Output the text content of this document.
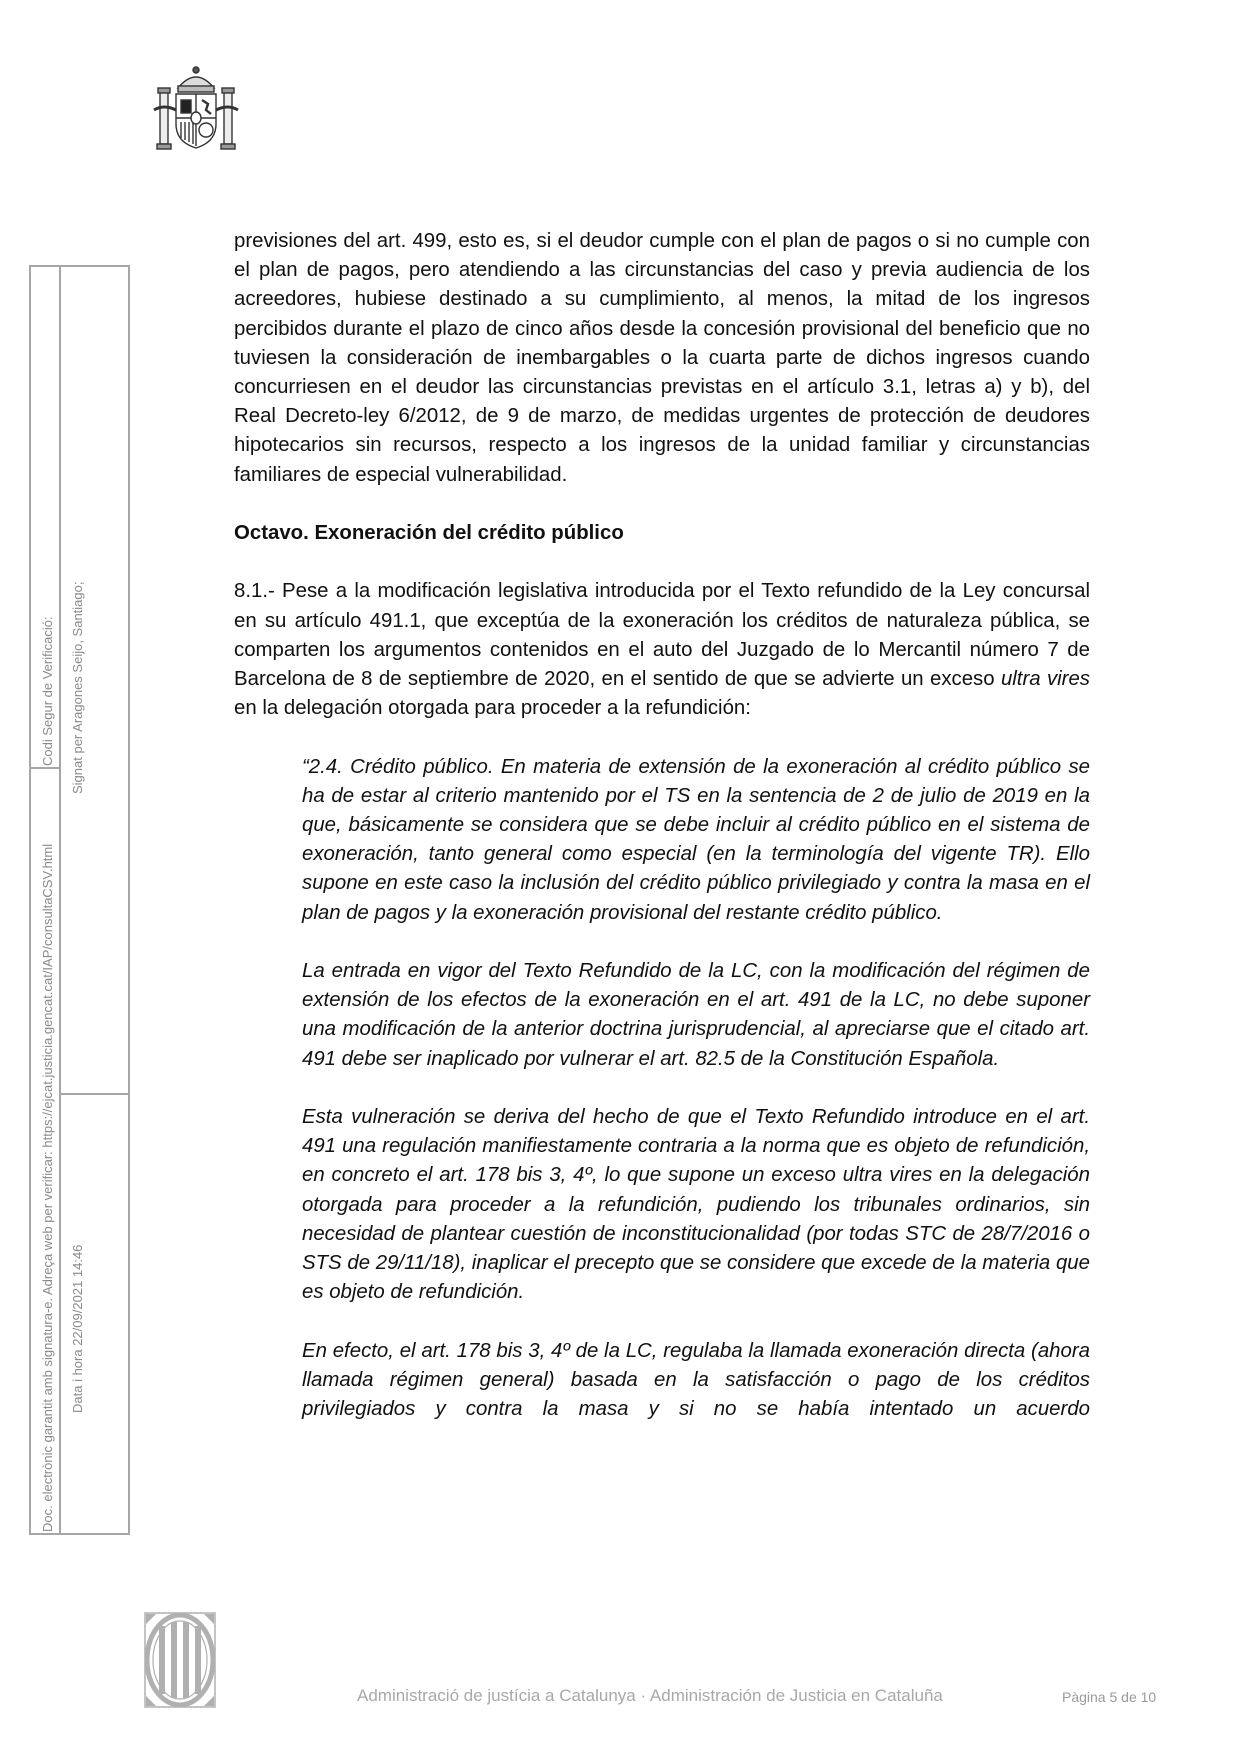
Codi Segur de Verificació:
Doc. electrònic garantit amb signatura-e. Adreça web per verificar: https://ejcat.justicia.gencat.cat/IAP/consultaCSV.html
Signat per Aragones Seijo, Santiago;
Data i hora 22/09/2021 14:46

previsiones del art. 499, esto es, si el deudor cumple con el plan de pagos o si no cumple con el plan de pagos, pero atendiendo a las circunstancias del caso y previa audiencia de los acreedores, hubiese destinado a su cumplimiento, al menos, la mitad de los ingresos percibidos durante el plazo de cinco años desde la concesión provisional del beneficio que no tuviesen la consideración de inembargables o la cuarta parte de dichos ingresos cuando concurriesen en el deudor las circunstancias previstas en el artículo 3.1, letras a) y b), del Real Decreto-ley 6/2012, de 9 de marzo, de medidas urgentes de protección de deudores hipotecarios sin recursos, respecto a los ingresos de la unidad familiar y circunstancias familiares de especial vulnerabilidad.

Octavo. Exoneración del crédito público

8.1.- Pese a la modificación legislativa introducida por el Texto refundido de la Ley concursal en su artículo 491.1, que exceptúa de la exoneración los créditos de naturaleza pública, se comparten los argumentos contenidos en el auto del Juzgado de lo Mercantil número 7 de Barcelona de 8 de septiembre de 2020, en el sentido de que se advierte un exceso ultra vires en la delegación otorgada para proceder a la refundición:

“2.4. Crédito público. En materia de extensión de la exoneración al crédito público se ha de estar al criterio mantenido por el TS en la sentencia de 2 de julio de 2019 en la que, básicamente se considera que se debe incluir al crédito público en el sistema de exoneración, tanto general como especial (en la terminología del vigente TR). Ello supone en este caso la inclusión del crédito público privilegiado y contra la masa en el plan de pagos y la exoneración provisional del restante crédito público.

La entrada en vigor del Texto Refundido de la LC, con la modificación del régimen de extensión de los efectos de la exoneración en el art. 491 de la LC, no debe suponer una modificación de la anterior doctrina jurisprudencial, al apreciarse que el citado art. 491 debe ser inaplicado por vulnerar el art. 82.5 de la Constitución Española.

Esta vulneración se deriva del hecho de que el Texto Refundido introduce en el art. 491 una regulación manifiestamente contraria a la norma que es objeto de refundición, en concreto el art. 178 bis 3, 4º, lo que supone un exceso ultra vires en la delegación otorgada para proceder a la refundición, pudiendo los tribunales ordinarios, sin necesidad de plantear cuestión de inconstitucionalidad (por todas STC de 28/7/2016 o STS de 29/11/18), inaplicar el precepto que se considere que excede de la materia que es objeto de refundición.

En efecto, el art. 178 bis 3, 4º de la LC, regulaba la llamada exoneración directa (ahora llamada régimen general) basada en la satisfacción o pago de los créditos privilegiados y contra la masa y si no se había intentado un acuerdo

Administració de justícia a Catalunya · Administración de Justicia en Cataluña	Pàgina 5 de 10
